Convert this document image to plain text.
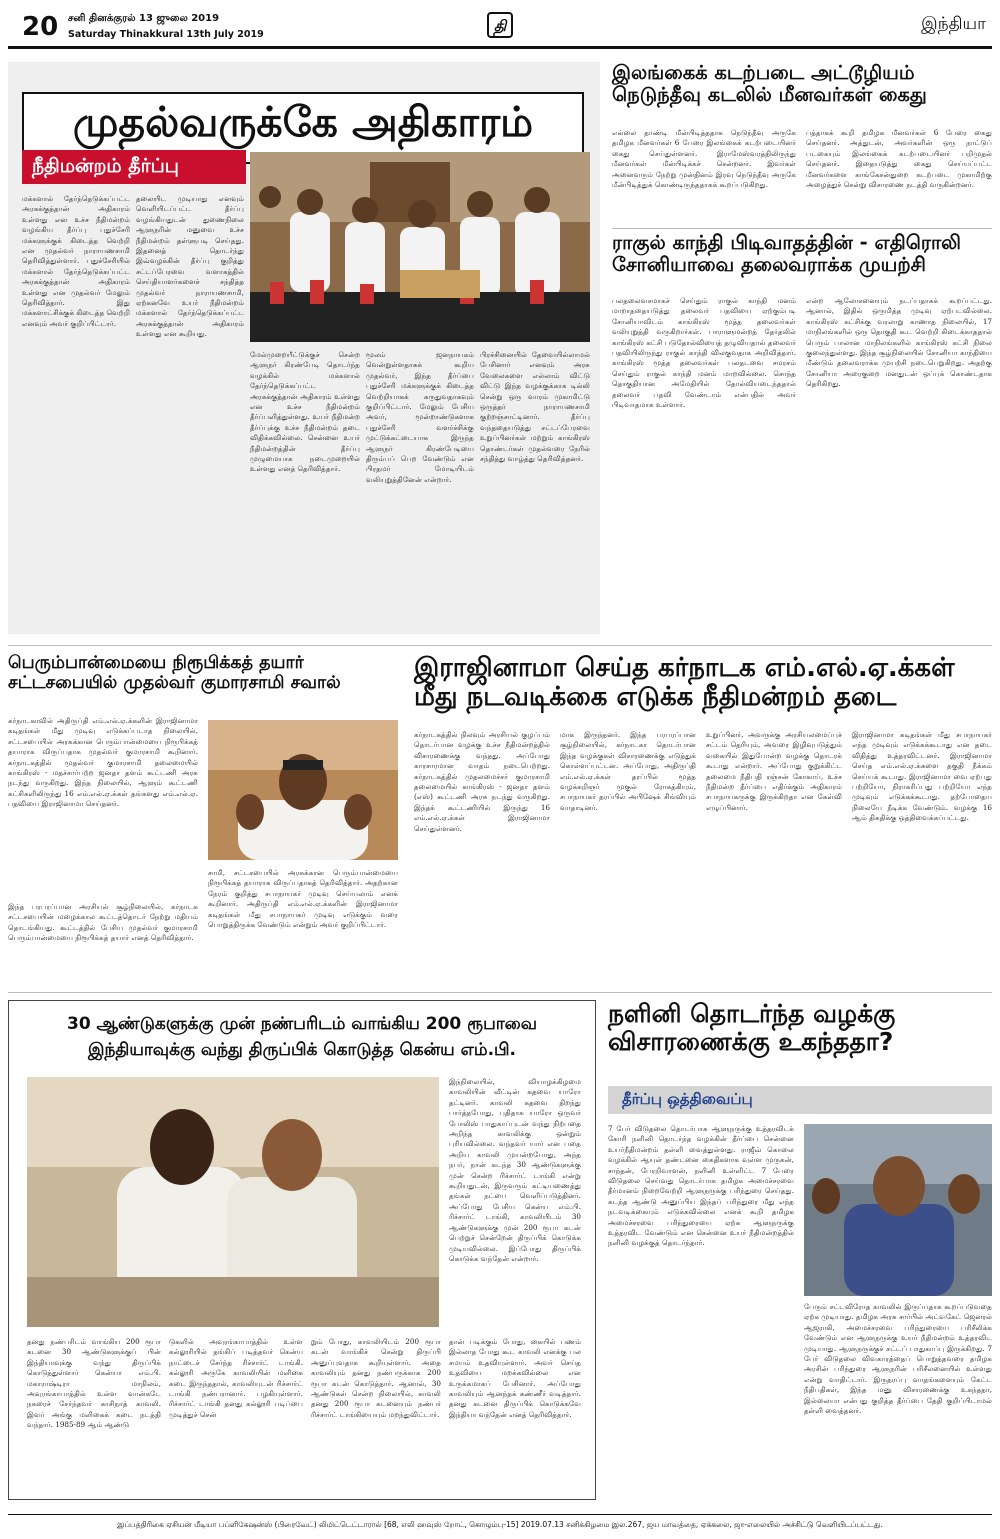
20 சனி தினக்குரல் 13 ஜுலை 2019
Saturday Thinakkural 13th July 2019	தி	இந்தியா
முதல்வருக்கே அதிகாரம்
நீதிமன்றம் தீர்ப்பு
மக்களால் தேர்ந்தெடுக்கப்பட்ட அரசுக்குத்தான் அதிகாரம் உள்ளது என உச்ச நீதிமன்றம் வழங்கிய தீர்ப்பு புதுச்சேரி மக்களுக்குக் கிடைத்த வெற்றி என முதல்வர் நாராயணசாமி தெரிவித்துள்ளார். புதுச்சேரியில் மக்களால் தேர்ந்தெடுக்கப்பட்ட அரசுக்குத்தான் அதிகாரம் உள்ளது என முதல்வர் மேலும் தெரிவித்தார். இது மக்களாட்சிக்குக் கிடைத்த வெற்றி எனவும் அவர் குறிப்பிட்டார்.
தலையிட முடியாது எனவும் வெளியிடப்பட்ட தீர்ப்பு வழங்கியதுடன் துணைநிலை ஆளுநரின் மனுவை உச்ச நீதிமன்றம் தள்ளுபடி செய்தது. இதனைத் தொடர்ந்து இவ்வழக்கின் தீர்ப்பு குறித்து சட்டப்பேரவை வளாகத்தில் செய்தியாளர்களைச் சந்தித்த முதல்வர் நாராயணசாமி, ஏற்கனவே உயர் நீதிமன்றம் மக்களால் தேர்ந்தெடுக்கப்பட்ட அரசுக்குத்தான் அதிகாரம் உள்ளது என கூறியது.
மேல்முறையீட்டுக்குச் சென்ற ஆளுநர் கிரண்பேடி தொடர்ந்த வழக்கில் மக்களால் தேர்ந்தெடுக்கப்பட்ட அரசுக்குத்தான் அதிகாரம் உள்ளது என உச்ச நீதிமன்றம் தீர்ப்பளித்துள்ளது. உயர் நீதிமன்ற தீர்ப்புக்கு உச்ச நீதிமன்றம் தடை விதிக்கவில்லை. சென்னை உயர் நீதிமன்றத்தின் தீர்ப்பு முழுமையாக நடைமுறையில் உள்ளது எனத் தெரிவித்தார்.
மூலம் ஜனநாயகம் வென்றுள்ளதாகக் கூறிய முதல்வர், இந்த தீர்ப்பை புதுச்சேரி மக்களுக்குக் கிடைத்த வெற்றியாகக் கருதுவதாகவும் குறிப்பிட்டார். மேலும் பேசிய அவர், மூன்றாண்டுகளாக புதுச்சேரி வளர்ச்சிக்கு முட்டுக்கட்டையாக இருந்த ஆளுநர் கிரண்பேடியை திரும்பப் பெற வேண்டும் என பிரதமர் மோடியிடம் வலியுறுத்தினேன் என்றார்.
பிரச்சினையில் தேவையில்லாமல் பேசினார் எனவும் அரசு வேலைகளை எல்லாம் விட்டு விட்டு இந்த வழக்குக்காக டில்லி சென்று ஒரு வாரம் முகாமிட்டு ஒருத்தர் நாராயணசாமி குற்றஞ்சாட்டினார். தீர்ப்பு வந்ததையடுத்து சட்டப்பேரவை உறுப்பினர்கள் மற்றும் காங்கிரஸ் தொண்டர்கள் முதல்வரை நேரில் சந்தித்து வாழ்த்து தெரிவித்தனர்.
இலங்கைக் கடற்படை அட்டூழியம் நெடுந்தீவு கடலில் மீனவர்கள் கைது
எல்லை தாண்டி மீன்பிடித்ததாக நெடுந்தீவு அருகே தமிழக மீனவர்கள் 6 பேரை இலங்கைக் கடற்படையினர் கைது செய்துள்ளனர். இராமேஸ்வரத்திலிருந்து மீனவர்கள் மீன்பிடிக்கச் சென்றனர். இவர்கள் அனைவரும் நேற்று முன்தினம் இரவு நெடுந்தீவு அருகே மீன்பிடித்துக் கொண்டிருந்ததாகக் கூறப்படுகிறது.
பத்தாகக் கூறி தமிழக மீனவர்கள் 6 பேரை கைது செய்தனர். அத்துடன், அவர்களின் ஒரு நாட்டுப் படகையும் இலங்கைக் கடற்படையினர் பறிமுதல் செய்தனர். இதையடுத்து கைது செய்யப்பட்ட மீனவர்களை காங்கேசன்துறை கடற்படை முகாமிற்கு அழைத்துச் சென்று விசாரணை நடத்தி வருகின்றனர்.
ராகுல் காந்தி பிடிவாதத்தின் - எதிரொலி சோனியாவை தலைவராக்க முயற்சி
பலதலைவசமாகச் செய்தும் ராகுல் காந்தி மனம் மாறாததையடுத்து தலைவர் பதவியை ஏற்கும்படி சோனியாவிடம் காங்கிரஸ் மூத்த தலைவர்கள் வலியுறுத்தி வருகிறார்கள். பாராளுமன்றத் தேர்தலில் காங்கிரஸ் கட்சி படுதோல்வியைத் தழுவியதால் தலைவர் பதவியிலிருந்து ராகுல் காந்தி விலகுவதாக அறிவித்தார். காங்கிரஸ் மூத்த தலைவர்கள் பலதடவை சமரசம் செய்தும் ராகுல் காந்தி மனம் மாறவில்லை. சொந்த தொகுதியான அமேதியில் தோல்வியடைந்ததால் தலைவர் பதவி வேண்டாம் என்பதில் அவர் பிடிவாதமாக உள்ளார்.
என்ற ஆலோசனையும் நடப்பதாகக் கூறப்பட்டது. ஆனால், இதில் ஒருமித்த முடிவு ஏற்படவில்லை. காங்கிரஸ் கட்சிக்கு வரலாறு காணாத நிலையில், 17 மாநிலங்களில் ஒரு தொகுதி கூட வெற்றி கிடைக்காததால் பெரும் பாலான மாநிலங்களில் காங்கிரஸ் கட்சி நிலை குலைந்துள்ளது. இந்த சூழ்நிலையில் சோனியா காந்தியை மீண்டும் தலைவராக்க முயற்சி நடைபெறுகிறது. அதற்கு சோனியா அரைகுறை மனதுடன் ஒப்புக் கொண்டதாக தெரிகிறது.
பெரும்பான்மையை நிரூபிக்கத் தயார் சட்டசபையில் முதல்வர் குமாரசாமி சவால்
கர்நாடகாவில் அதிருப்தி எம்.எல்.ஏ.க்களின் இராஜினாமா கடிதங்கள் மீது முடிவு எடுக்கப்படாத நிலையில், சட்டசபையில் அரசுக்கான பெரும்பான்மையை நிரூபிக்கத் தயாராக விருப்பதாக முதல்வர் குமாரசாமி கூறினார். கர்நாடகத்தில் முதல்வர் குமாரசாமி தலைமையில் காங்கிரஸ் - மதச்சார்பற்ற ஜனதா தளம் கூட்டணி அரசு நடந்து வருகிறது. இந்த நிலையில், ஆளும் கூட்டணி கட்சிகளிலிருந்து 16 எம்.எல்.ஏ.க்கள் தங்களது எம்.எல்.ஏ. பதவியை இராஜினாமா செய்தனர்.
இந்த பரபரப்பான அரசியல் சூழ்நிலையில், கர்நாடக சட்டசபையின் மழைக்கால கூட்டத்தொடர் நேற்று மதியம் தொடங்கியது. கூட்டத்தில் பேசிய முதல்வர் குமாரசாமி பெரும்பான்மையை நிரூபிக்கத் தயார் எனத் தெரிவித்தார்.
சாமி, சட்டசபையில் அரசுக்கான பெரும்பான்மையை நிரூபிக்கத் தயாராக விருப்பதாகத் தெரிவித்தார். அதற்கான நேரம் குறித்து சபாநாயகர் முடிவு செய்யலாம் எனக் கூறினார். அதிருப்தி எம்.எல்.ஏ.க்களின் இராஜினாமா கடிதங்கள் மீது சபாநாயகர் முடிவு எடுக்கும் வரை பொறுத்திருக்க வேண்டும் என்றும் அவர் குறிப்பிட்டார்.
இராஜினாமா செய்த கர்நாடக எம்.எல்.ஏ.க்கள் மீது நடவடிக்கை எடுக்க நீதிமன்றம் தடை
கர்நாடகத்தில் நிலவும் அரசியல் குழப்பம் தொடர்பான வழக்கு உச்ச நீதிமன்றத்தில் விசாரணைக்கு வந்தது. அப்போது காரசாரமான வாதம் நடைபெற்றது. கர்நாடகத்தில் முதலமைச்சர் குமாரசாமி தலைமையில் காங்கிரஸ் - ஜனதா தளம் (எஸ்) கூட்டணி அரசு நடந்து வருகிறது. இந்தக் கூட்டணியில் இருந்து 16 எம்.எல்.ஏ.க்கள் இராஜினாமா செய்துள்ளனர்.
மாக இருந்தனர். இந்த பரபரப்பான சூழ்நிலையில், கர்நாடகா தொடர்பான இந்த வழக்குகள் விசாரணைக்கு எடுத்துக் கொள்ளப்பட்டன. அப்போது, அதிருப்தி எம்.எல்.ஏ.க்கள் தரப்பில் மூத்த வழக்கறிஞர் முகுல் ரோகத்கியும், சபாநாயகர் தரப்பில் அபிஷேக் சிங்வியும் வாதாடினர்.
உறுப்பினர், அவருக்கு அரசியலமைப்புச் சட்டம் தெரியும், அவரை இழிவுபடுத்தும் வகையில் இதுபோன்ற வழக்கு தொடரக் கூடாது என்றார். அப்போது குறுக்கிட்ட தலைமை நீதிபதி ரஞ்சன் கோகாய், உச்ச நீதிமன்ற தீர்ப்பை எதிர்க்கும் அதிகாரம் சபாநாயகருக்கு இருக்கிறதா என கேள்வி எழுப்பினார்.
இராஜினாமா கடிதங்கள் மீது சபாநாயகர் எந்த முடிவும் எடுக்கக்கூடாது என தடை விதித்து உத்தரவிட்டனர். இராஜினாமா செய்த எம்.எல்.ஏ.க்களை தகுதி நீக்கம் செய்யக் கூடாது. இராஜினாமா வை ஏற்பது பற்றியோ, நிராகரிப்பது பற்றியோ எந்த முடிவும் எடுக்கக்கூடாது. தற்போதைய நிலையே நீடிக்க வேண்டும். வழக்கு 16 ஆம் திகதிக்கு ஒத்திவைக்கப்பட்டது.
30 ஆண்டுகளுக்கு முன் நண்பரிடம் வாங்கிய 200 ரூபாவை
இந்தியாவுக்கு வந்து திருப்பிக் கொடுத்த கென்ய எம்.பி.
இந்நிலையில், வியாழக்கிழமை காவலியின் வீட்டின் கதவை யாரோ தட்டினர். காவலி கதவை திறந்து பார்த்தபோது, புதிதாக யாரோ ஒருவர் போலிஸ் பாதுகாப்புடன் வந்து நிற்பதை அறிந்த காவலிக்கு ஒன்றும் புரியவில்லை. வந்தவர் யார் என பதை அறிய காவலி முயன்றபோது, அந்த நபர், நான் கடந்த 30 ஆண்டுகளுக்கு முன் சென்ற ரிச்சார்ட் டாங்கி என்று கூறியதுடன், இருவரும் கட்டியணைத்து தங்கள் நட்பை வெளிப்படுத்தினர். அப்போது பேசிய கென்ய எம்.பி. ரிச்சார்ட் டாங்கி, காவலியிடம் 30 ஆண்டுகளுக்கு முன் 200 ரூபா கடன் பெற்றுச் சென்றேன் திருப்பிக் கொடுக்க முடியவில்லை. இப்போது திருப்பிக் கொடுக்க வந்தேன் என்றார்.
தனது நண்பரிடம் வாங்கிய 200 ரூபா கடனை 30 ஆண்டுகளுக்குப் பின் இந்தியாவுக்கு வந்து திருப்பிக் கொடுத்துள்ளார் கென்யா எம்.பி. மகாராஷ்டிரா மாநிலம், அவுரங்காபாத்தில் உள்ள வான்கடே நகரைச் சேர்ந்தவர் காசிநாத் காவலி. இவர் அங்கு மளிகைக் கடை நடத்தி வந்தார். 1985-89 ஆம் ஆண்டு
டுகளில் அவுரங்காபாத்தில் உள்ள கல்லூரியில் தங்கிப் படித்தவர் கென்ய நாட்டைச் சேர்ந்த ரிச்சார்ட் டாங்கி. கல்லூரி அருகே காவலியின் மளிகை கடை இருந்ததால், காவலியுடன் ரிச்சார்ட் டாங்கி நண்பரானார். பழகியுள்ளார். ரிச்சார்ட் டாங்கி தனது கல்லூரி படிப்பை முடித்துச் சென்
றும் போது, காவலியிடம் 200 ரூபா கடன் வாங்கிச் சென்று திருப்பி அனுப்புவதாக கூறியுள்ளார். அதை காவலியும் தனது நண்பருக்காக 200 ரூபா கடன் கொடுத்தார். ஆனால், 30 ஆண்டுகள் சென்ற நிலையில், காவலி தனது 200 ரூபா கடனையும் நண்பர் ரிச்சார்ட் டாங்கியையும் மறந்துவிட்டார்.
தான் படிக்கும் போது, கையில் பணம் இல்லாத போது கூட காவலி எனக்கு பல சமயம் உதவியுள்ளார். அவர் செய்த உதவியை மறக்கவில்லை என உருக்கமாகப் பேசினார். அப்போது காவலியும் ஆனந்தக் கண்ணீர் வடித்தார். தனது கடனை திருப்பிக் கொடுக்கவே இந்தியா வந்தேன் எனத் தெரிவித்தார்.
நளினி தொடர்ந்த வழக்கு விசாரணைக்கு உகந்ததா?
தீர்ப்பு ஒத்திவைப்பு
7 பேர் விடுதலை தொடர்பாக ஆளுநருக்கு உத்தரவிடக் கோரி நளினி தொடர்ந்த வழக்கின் தீர்ப்பை சென்னை உயர்நீதிமன்றம் தள்ளி வைத்துள்ளது. ராஜீவ் கொலை வழக்கில் ஆயுள் தண்டனை கைதிகளாக வுள்ள முருகன், சாந்தன், பேரறிவாளன், நளினி உள்ளிட்ட 7 பேரை விடுதலை செய்வது தொடர்பாக தமிழக அமைச்சரவை தீர்மானம் நிறைவேற்றி ஆளுநருக்கு பரிந்துரை செய்தது. கடந்த ஆண்டு அனுப்பிய இந்தப் பரிந்துரை மீது எந்த நடவடிக்கையும் எடுக்கவில்லை எனக் கூறி தமிழக அமைச்சரவை பரிந்துரையை ஏற்க ஆளுநருக்கு உத்தரவிட வேண்டும் என சென்னை உயர் நீதிமன்றத்தில் நளினி வழக்குத் தொடர்ந்தார்.
பேரும் சட்டவிரோத காவலில் இருப்பதாக கூறப்படுவதை ஏற்க முடியாது. தமிழக அரசு சார்பில் அட்வகேட் ஜெனரல் ஆஜராகி, அமைச்சரவை பரிந்துரையை பரிசீலிக்க வேண்டும் என ஆளுநருக்கு உயர் நீதிமன்றம் உத்தரவிட முடியாது. ஆளுநருக்குச் சட்டப் பாதுகாப்பு இருக்கிறது. 7 பேர் விடுதலை விவகாரத்தைப் பொறுத்தவரை தமிழக அரசின் பரிந்துரை ஆளுநரின் பரிசீலனையில் உள்ளது என்று வாதிட்டார். இருதரப்பு வாதங்களையும் கேட்ட நீதிபதிகள், இந்த மனு விசாரணைக்கு உகந்ததா, இல்லையா என்பது குறித்த தீர்ப்பை தேதி குறிப்பிடாமல் தள்ளி வைத்தனர்.
இப்பத்திரிகை ஏசியன் மீடியா பப்ளிகேஷன்ஸ் (பிரைவேட்) லிமிட்டெட்டாரால் [68, எலி ஹவுஸ் றோட், கொழும்பு-15] 2019.07.13 சனிக்கிழமை இல.267, ஜய மாவத்தை, ஏக்கலை, ஜா-எலையில் அச்சிட்டு வெளியிடப்பட்டது.
